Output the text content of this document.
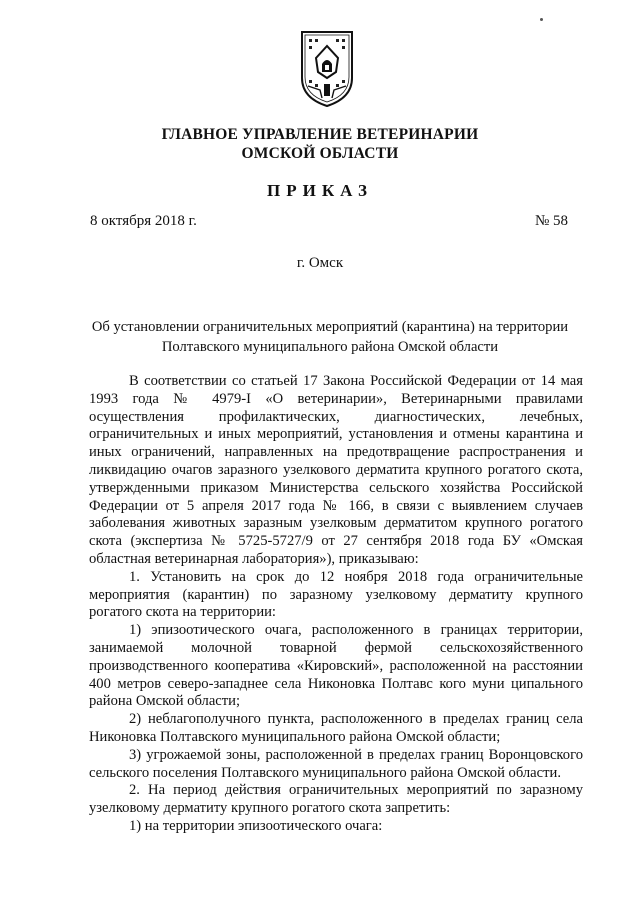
ГЛАВНОЕ УПРАВЛЕНИЕ ВЕТЕРИНАРИИ
ОМСКОЙ ОБЛАСТИ
ПРИКАЗ
8 октября 2018 г.	№ 58
г. Омск
Об установлении ограничительных мероприятий (карантина) на территории
Полтавского муниципального района Омской области

В соответствии со статьей 17 Закона Российской Федерации от 14 мая 1993 года № 4979-I «О ветеринарии», Ветеринарными правилами осуществления профилактических, диагностических, лечебных, ограничительных и иных мероприятий, установления и отмены карантина и иных ограничений, направленных на предотвращение распространения и ликвидацию очагов заразного узелкового дерматита крупного рогатого скота, утвержденными приказом Министерства сельского хозяйства Российской Федерации от 5 апреля 2017 года № 166, в связи с выявлением случаев заболевания животных заразным узелковым дерматитом крупного рогатого скота (экспертиза № 5725-5727/9 от 27 сентября 2018 года БУ «Омская областная ветеринарная лаборатория»), приказываю:

1. Установить на срок до 12 ноября 2018 года ограничительные мероприятия (карантин) по заразному узелковому дерматиту крупного рогатого скота на территории:

1) эпизоотического очага, расположенного в границах территории, занимаемой молочной товарной фермой сельскохозяйственного производственного кооператива «Кировский», расположенной на расстоянии 400 метров северо-западнее села Никоновка Полтавс кого муни ципального района Омской области;

2) неблагополучного пункта, расположенного в пределах границ села Никоновка Полтавского муниципального района Омской области;

3) угрожаемой зоны, расположенной в пределах границ Воронцовского сельского поселения Полтавского муниципального района Омской области.

2. На период действия ограничительных мероприятий по заразному узелковому дерматиту крупного рогатого скота запретить:

1) на территории эпизоотического очага:
